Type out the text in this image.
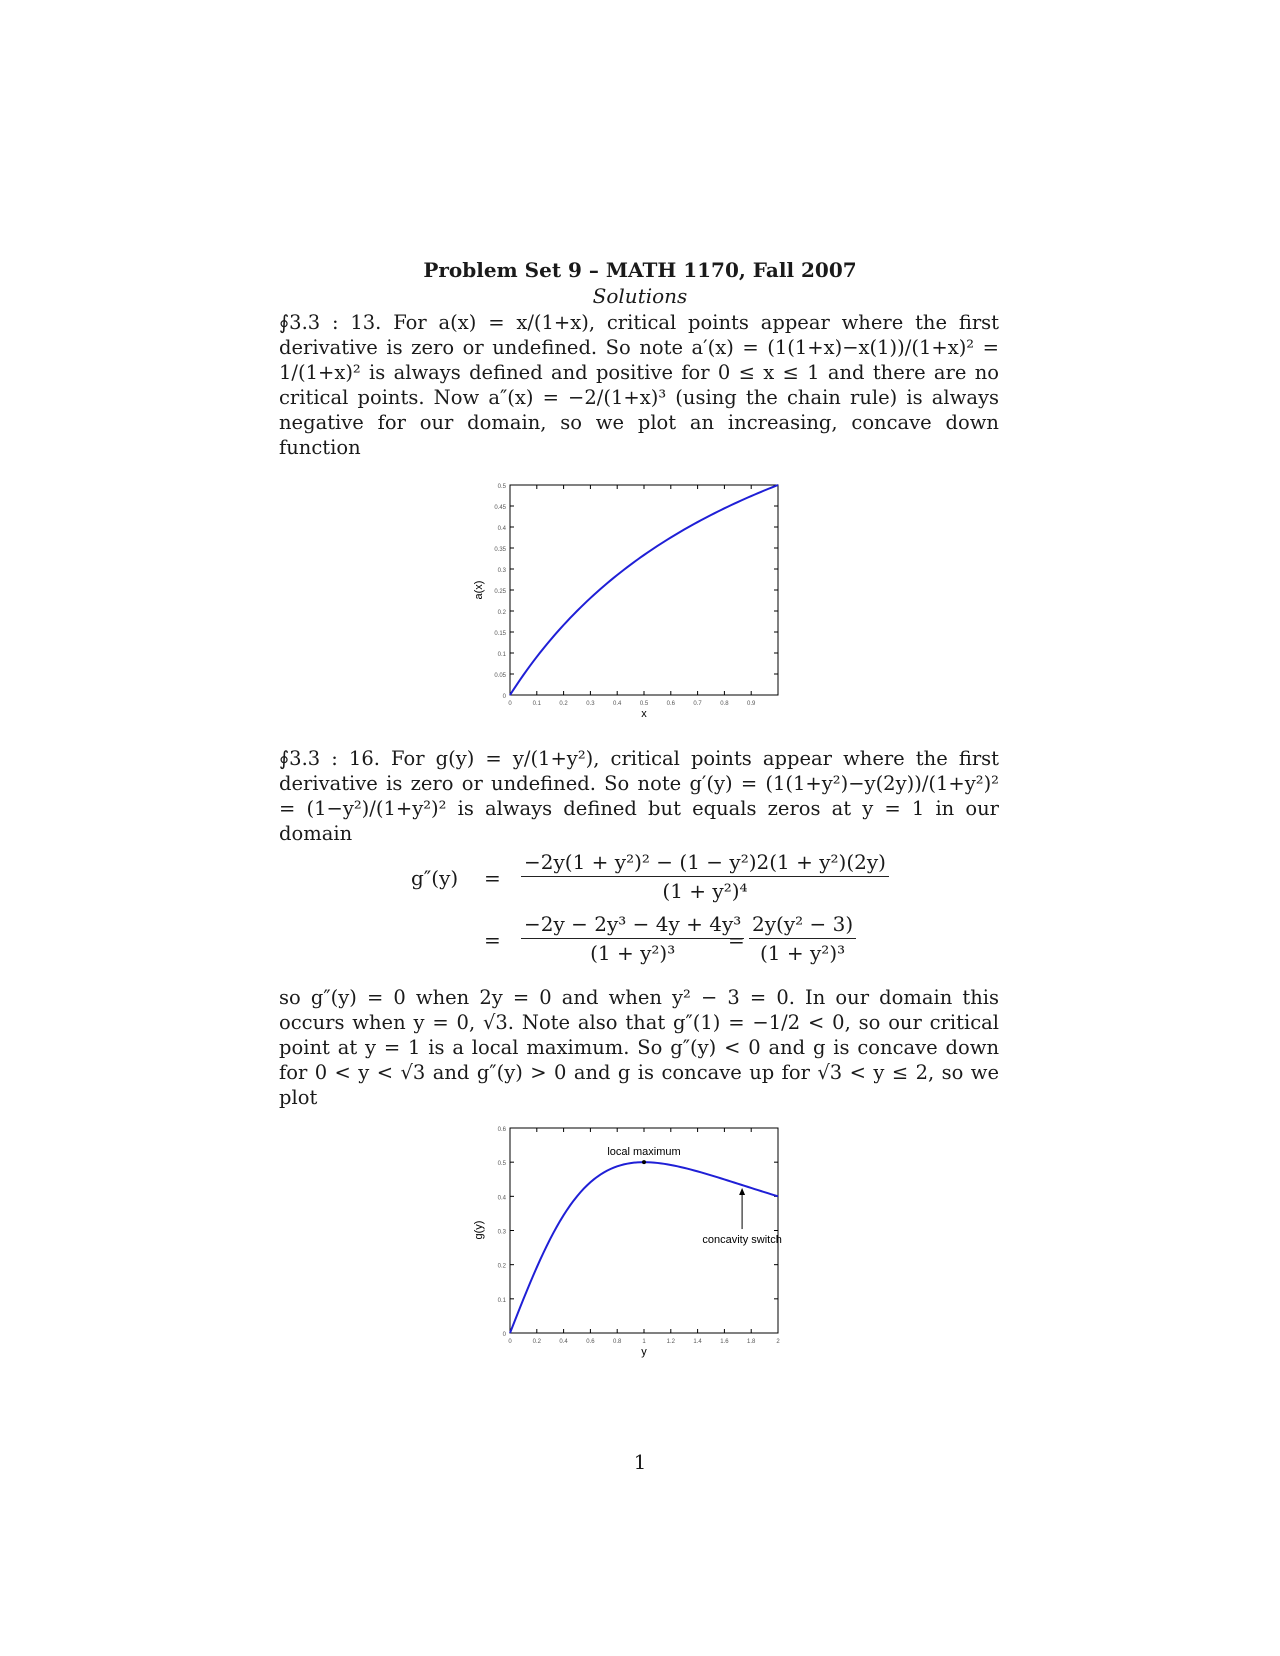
Problem Set 9 – MATH 1170, Fall 2007
Solutions

∮3.3 : 13. For a(x) = x/(1+x), critical points appear where the first derivative is zero or undefined. So note a′(x) = (1(1+x)−x(1))/(1+x)² = 1/(1+x)² is always defined and positive for 0 ≤ x ≤ 1 and there are no critical points. Now a″(x) = −2/(1+x)³ (using the chain rule) is always negative for our domain, so we plot an increasing, concave down function

0
0.05
0.1
0.15
0.2
0.25
0.3
0.35
0.4
0.45
0.5
0	0.1	0.2	0.3	0.4	0.5	0.6	0.7	0.8	0.9
x
a(x)

∮3.3 : 16. For g(y) = y/(1+y²), critical points appear where the first derivative is zero or undefined. So note g′(y) = (1(1+y²)−y(2y))/(1+y²)² = (1−y²)/(1+y²)² is always defined but equals zeros at y = 1 in our domain

$g''(y) = \frac{\text{−2y(1 + y²)² − (1 − y²)2(1 + y²)(2y)}}{\text{(1 + y²)⁴}}$
= $\frac{\text{−2y − 2y³ − 4y + 4y³}}{\text{(1 + y²)³}}$
= $\frac{\text{2y(y² − 3)}}{\text{(1 + y²)³}}$

so g″(y) = 0 when 2y = 0 and when y² − 3 = 0. In our domain this occurs when y = 0, √3. Note also that g″(1) = −1/2 < 0, so our critical point at y = 1 is a local maximum. So g″(y) < 0 and g is concave down for 0 < y < √3 and g″(y) > 0 and g is concave up for √3 < y ≤ 2, so we plot

0
0.1
0.2
0.3
0.4
0.5
0.6
0	0.2	0.4	0.6	0.8	1	1.2	1.4	1.6	1.8	2
local maximum
concavity switch
y
g(y)
1
